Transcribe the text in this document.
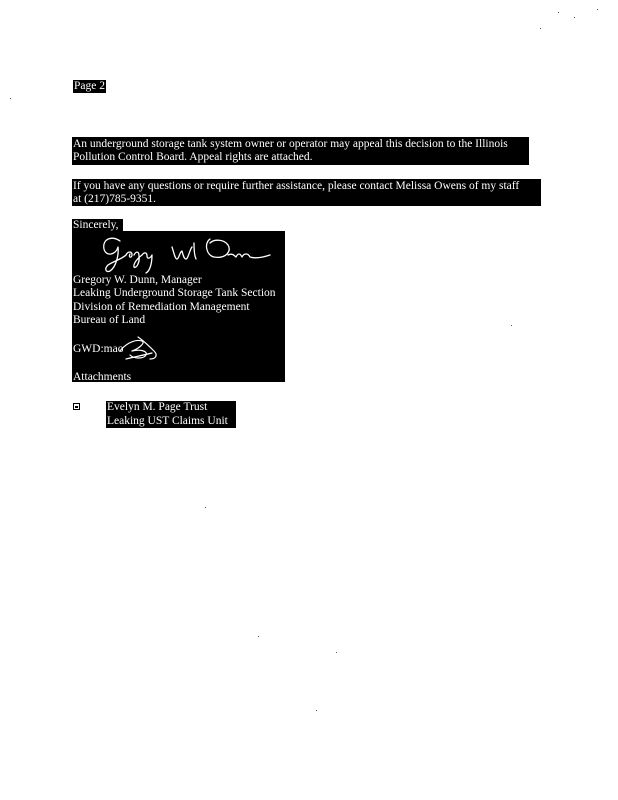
Page 2
An underground storage tank system owner or operator may appeal this decision to the Illinois
Pollution Control Board. Appeal rights are attached.
If you have any questions or require further assistance, please contact Melissa Owens of my staff
at (217)785-9351.
Sincerely,
Gregory W. Dunn, Manager
Leaking Underground Storage Tank Section
Division of Remediation Management
Bureau of Land
GWD:mao
Attachments
Evelyn M. Page Trust
Leaking UST Claims Unit
